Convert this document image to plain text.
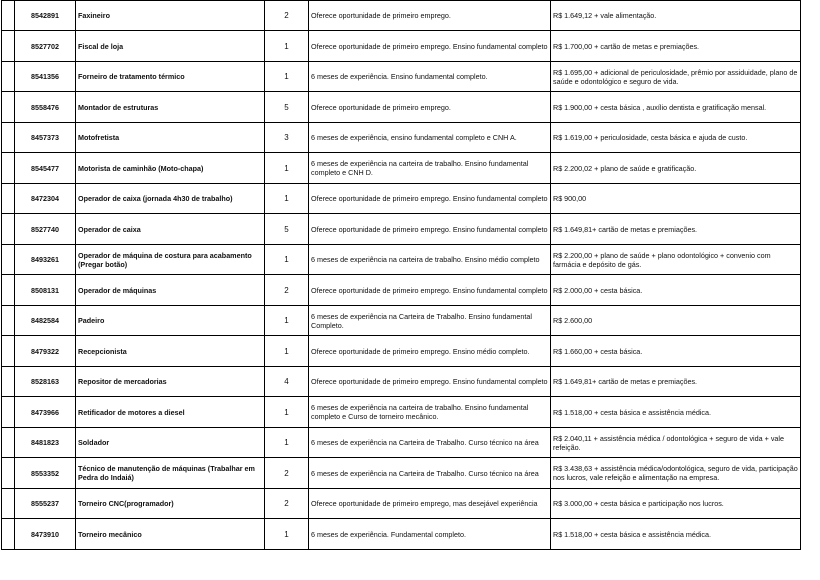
	8542891	Faxineiro	2	Oferece oportunidade de primeiro emprego.	R$ 1.649,12 + vale alimentação.
	8527702	Fiscal de loja	1	Oferece oportunidade de primeiro emprego. Ensino fundamental completo	R$ 1.700,00 + cartão de metas e premiações.
	8541356	Forneiro de tratamento térmico	1	6 meses de experiência. Ensino fundamental completo.	R$ 1.695,00 + adicional de periculosidade, prêmio por assiduidade, plano de saúde e odontológico e seguro de vida.
	8558476	Montador de estruturas	5	Oferece oportunidade de primeiro emprego.	R$ 1.900,00 + cesta básica , auxílio dentista e gratificação mensal.
	8457373	Motofretista	3	6 meses de experiência, ensino fundamental completo e CNH A.	R$ 1.619,00 + periculosidade, cesta básica e ajuda de custo.
	8545477	Motorista de caminhão (Moto-chapa)	1	6 meses de experiência na carteira de trabalho. Ensino fundamental completo e CNH D.	R$ 2.200,02 + plano de saúde e gratificação.
	8472304	Operador de caixa (jornada 4h30 de trabalho)	1	Oferece oportunidade de primeiro emprego. Ensino fundamental completo	R$ 900,00
	8527740	Operador de caixa	5	Oferece oportunidade de primeiro emprego. Ensino fundamental completo	R$ 1.649,81+ cartão de metas e premiações.
	8493261	Operador de máquina de costura para acabamento (Pregar botão)	1	6 meses de experiência na carteira de trabalho. Ensino médio completo	R$ 2.200,00 + plano de saúde + plano odontológico + convenio com farmácia e depósito de gás.
	8508131	Operador de máquinas	2	Oferece oportunidade de primeiro emprego. Ensino fundamental completo	R$ 2.000,00 + cesta básica.
	8482584	Padeiro	1	6 meses de experiência na Carteira de Trabalho. Ensino fundamental Completo.	R$ 2.600,00
	8479322	Recepcionista	1	Oferece oportunidade de primeiro emprego. Ensino médio completo.	R$ 1.660,00 + cesta básica.
	8528163	Repositor de mercadorias	4	Oferece oportunidade de primeiro emprego. Ensino fundamental completo	R$ 1.649,81+ cartão de metas e premiações.
	8473966	Retificador de motores a diesel	1	6 meses de experiência na carteira de trabalho. Ensino fundamental completo e Curso de torneiro mecânico.	R$ 1.518,00 + cesta básica e assistência médica.
	8481823	Soldador	1	6 meses de experiência na Carteira de Trabalho. Curso técnico na área	R$ 2.040,11 + assistência médica / odontológica + seguro de vida + vale refeição.
	8553352	Técnico de manutenção de máquinas (Trabalhar em Pedra do Indaiá)	2	6 meses de experiência na Carteira de Trabalho. Curso técnico na área	R$ 3.438,63 + assistência médica/odontológica, seguro de vida, participação nos lucros, vale refeição e alimentação na empresa.
	8555237	Torneiro CNC(programador)	2	Oferece oportunidade de primeiro emprego, mas desejável experiência	R$ 3.000,00 + cesta básica e participação nos lucros.
	8473910	Torneiro mecânico	1	6 meses de experiência. Fundamental completo.	R$ 1.518,00 + cesta básica e assistência médica.
